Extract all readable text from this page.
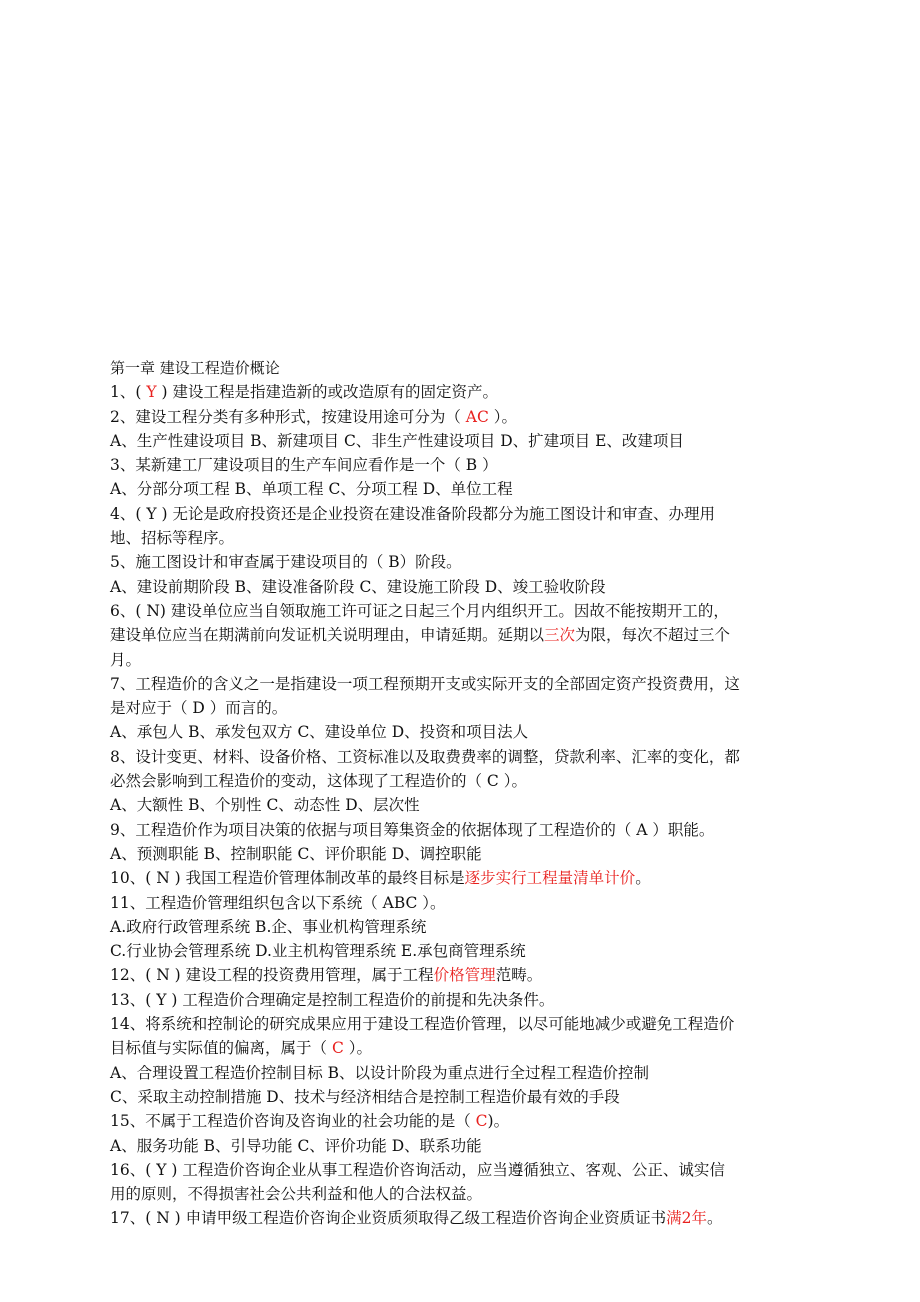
第一章 建设工程造价概论
1、( Y ) 建设工程是指建造新的或改造原有的固定资产。
2、建设工程分类有多种形式，按建设用途可分为（ AC ）。
A、生产性建设项目 B、新建项目 C、非生产性建设项目 D、扩建项目 E、改建项目
3、某新建工厂建设项目的生产车间应看作是一个（ B ）
A、分部分项工程 B、单项工程 C、分项工程 D、单位工程
4、( Y ) 无论是政府投资还是企业投资在建设准备阶段都分为施工图设计和审查、办理用
地、招标等程序。
5、施工图设计和审查属于建设项目的（ B）阶段。
A、建设前期阶段 B、建设准备阶段 C、建设施工阶段 D、竣工验收阶段
6、( N) 建设单位应当自领取施工许可证之日起三个月内组织开工。因故不能按期开工的，
建设单位应当在期满前向发证机关说明理由，申请延期。延期以三次为限，每次不超过三个
月。
7、工程造价的含义之一是指建设一项工程预期开支或实际开支的全部固定资产投资费用，这
是对应于（ D ）而言的。
A、承包人 B、承发包双方 C、建设单位 D、投资和项目法人
8、设计变更、材料、设备价格、工资标准以及取费费率的调整，贷款利率、汇率的变化，都
必然会影响到工程造价的变动，这体现了工程造价的（ C ）。
A、大额性 B、个别性 C、动态性 D、层次性
9、工程造价作为项目决策的依据与项目筹集资金的依据体现了工程造价的（ A ）职能。
A、预测职能 B、控制职能 C、评价职能 D、调控职能
10、( N ) 我国工程造价管理体制改革的最终目标是逐步实行工程量清单计价。
11、工程造价管理组织包含以下系统（ ABC ）。
A.政府行政管理系统 B.企、事业机构管理系统
C.行业协会管理系统 D.业主机构管理系统 E.承包商管理系统
12、( N ) 建设工程的投资费用管理，属于工程价格管理范畴。
13、( Y ) 工程造价合理确定是控制工程造价的前提和先决条件。
14、将系统和控制论的研究成果应用于建设工程造价管理，以尽可能地减少或避免工程造价
目标值与实际值的偏离，属于（ C ）。
A、合理设置工程造价控制目标 B、以设计阶段为重点进行全过程工程造价控制
C、采取主动控制措施 D、技术与经济相结合是控制工程造价最有效的手段
15、不属于工程造价咨询及咨询业的社会功能的是（ C)。
A、服务功能 B、引导功能 C、评价功能 D、联系功能
16、( Y ) 工程造价咨询企业从事工程造价咨询活动，应当遵循独立、客观、公正、诚实信
用的原则，不得损害社会公共利益和他人的合法权益。
17、( N ) 申请甲级工程造价咨询企业资质须取得乙级工程造价咨询企业资质证书满2年。
